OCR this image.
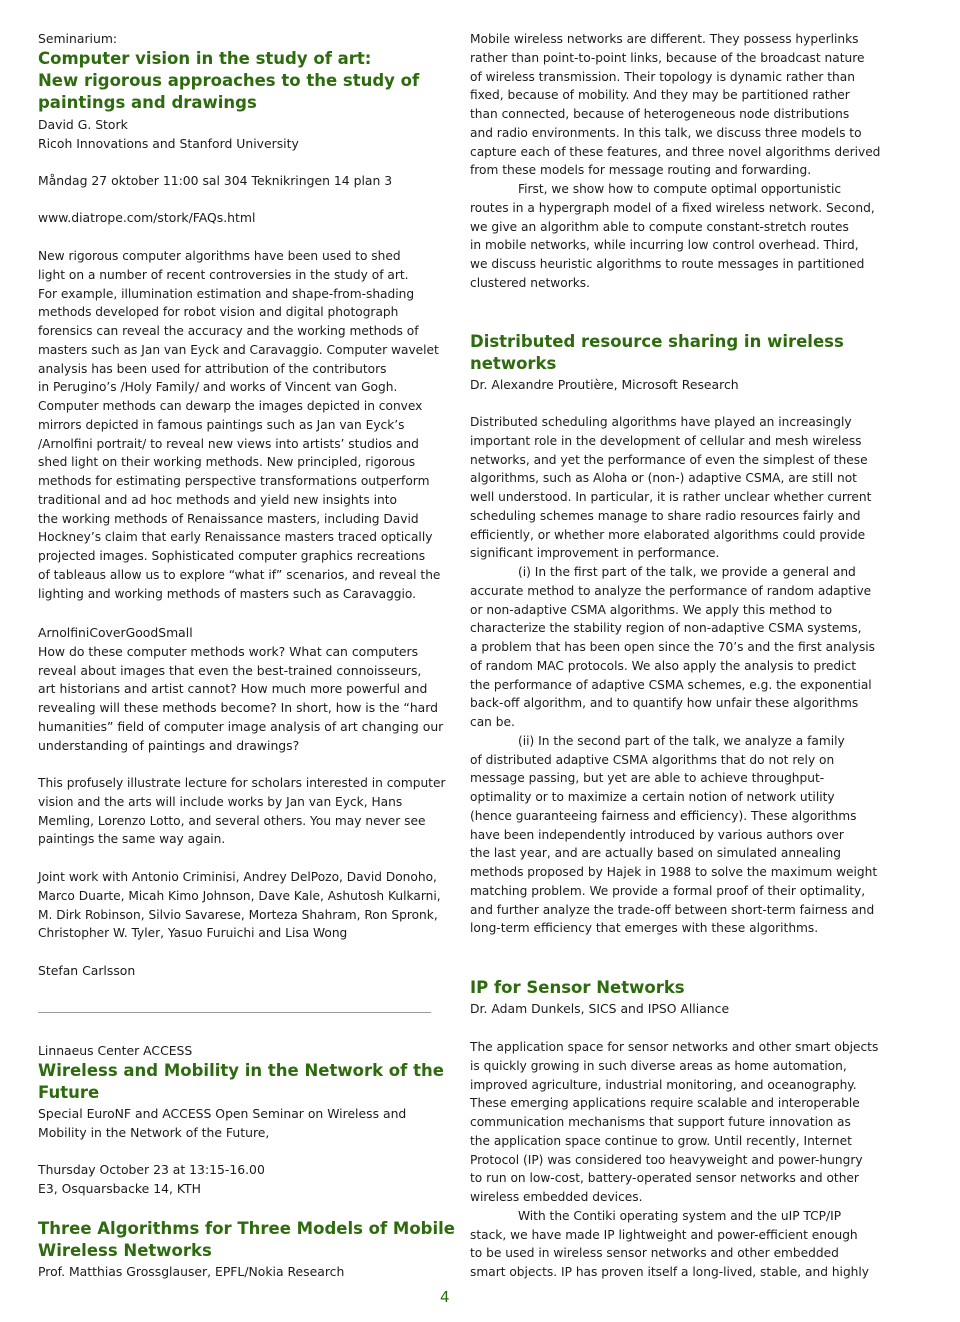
Seminarium:
Computer vision in the study of art:
New rigorous approaches to the study of
paintings and drawings
David G. Stork
Ricoh Innovations and Stanford University
Måndag 27 oktober 11:00 sal 304 Teknikringen 14 plan 3
www.diatrope.com/stork/FAQs.html
New rigorous computer algorithms have been used to shed
light on a number of recent controversies in the study of art.
For example, illumination estimation and shape-from-shading
methods developed for robot vision and digital photograph
forensics can reveal the accuracy and the working methods of
masters such as Jan van Eyck and Caravaggio. Computer wavelet
analysis has been used for attribution of the contributors
in Perugino’s /Holy Family/ and works of Vincent van Gogh.
Computer methods can dewarp the images depicted in convex
mirrors depicted in famous paintings such as Jan van Eyck’s
/Arnolfini portrait/ to reveal new views into artists’ studios and
shed light on their working methods. New principled, rigorous
methods for estimating perspective transformations outperform
traditional and ad hoc methods and yield new insights into
the working methods of Renaissance masters, including David
Hockney’s claim that early Renaissance masters traced optically
projected images. Sophisticated computer graphics recreations
of tableaus allow us to explore “what if” scenarios, and reveal the
lighting and working methods of masters such as Caravaggio.
ArnolfiniCoverGoodSmall
How do these computer methods work? What can computers
reveal about images that even the best-trained connoisseurs,
art historians and artist cannot? How much more powerful and
revealing will these methods become? In short, how is the “hard
humanities” field of computer image analysis of art changing our
understanding of paintings and drawings?
This profusely illustrate lecture for scholars interested in computer
vision and the arts will include works by Jan van Eyck, Hans
Memling, Lorenzo Lotto, and several others. You may never see
paintings the same way again.
Joint work with Antonio Criminisi, Andrey DelPozo, David Donoho,
Marco Duarte, Micah Kimo Johnson, Dave Kale, Ashutosh Kulkarni,
M. Dirk Robinson, Silvio Savarese, Morteza Shahram, Ron Spronk,
Christopher W. Tyler, Yasuo Furuichi and Lisa Wong
Stefan Carlsson
Linnaeus Center ACCESS
Wireless and Mobility in the Network of the
Future
Special EuroNF and ACCESS Open Seminar on Wireless and
Mobility in the Network of the Future,
Thursday October 23 at 13:15-16.00
E3, Osquarsbacke 14, KTH
Three Algorithms for Three Models of Mobile
Wireless Networks
Prof. Matthias Grossglauser, EPFL/Nokia Research
Mobile wireless networks are different. They possess hyperlinks
rather than point-to-point links, because of the broadcast nature
of wireless transmission. Their topology is dynamic rather than
fixed, because of mobility. And they may be partitioned rather
than connected, because of heterogeneous node distributions
and radio environments. In this talk, we discuss three models to
capture each of these features, and three novel algorithms derived
from these models for message routing and forwarding.
First, we show how to compute optimal opportunistic
routes in a hypergraph model of a fixed wireless network. Second,
we give an algorithm able to compute constant-stretch routes
in mobile networks, while incurring low control overhead. Third,
we discuss heuristic algorithms to route messages in partitioned
clustered networks.
Distributed resource sharing in wireless
networks
Dr. Alexandre Proutière, Microsoft Research
Distributed scheduling algorithms have played an increasingly
important role in the development of cellular and mesh wireless
networks, and yet the performance of even the simplest of these
algorithms, such as Aloha or (non-) adaptive CSMA, are still not
well understood. In particular, it is rather unclear whether current
scheduling schemes manage to share radio resources fairly and
efficiently, or whether more elaborated algorithms could provide
significant improvement in performance.
(i) In the first part of the talk, we provide a general and
accurate method to analyze the performance of random adaptive
or non-adaptive CSMA algorithms. We apply this method to
characterize the stability region of non-adaptive CSMA systems,
a problem that has been open since the 70’s and the first analysis
of random MAC protocols. We also apply the analysis to predict
the performance of adaptive CSMA schemes, e.g. the exponential
back-off algorithm, and to quantify how unfair these algorithms
can be.
(ii) In the second part of the talk, we analyze a family
of distributed adaptive CSMA algorithms that do not rely on
message passing, but yet are able to achieve throughput-
optimality or to maximize a certain notion of network utility
(hence guaranteeing fairness and efficiency). These algorithms
have been independently introduced by various authors over
the last year, and are actually based on simulated annealing
methods proposed by Hajek in 1988 to solve the maximum weight
matching problem. We provide a formal proof of their optimality,
and further analyze the trade-off between short-term fairness and
long-term efficiency that emerges with these algorithms.
IP for Sensor Networks
Dr. Adam Dunkels, SICS and IPSO Alliance
The application space for sensor networks and other smart objects
is quickly growing in such diverse areas as home automation,
improved agriculture, industrial monitoring, and oceanography.
These emerging applications require scalable and interoperable
communication mechanisms that support future innovation as
the application space continue to grow. Until recently, Internet
Protocol (IP) was considered too heavyweight and power-hungry
to run on low-cost, battery-operated sensor networks and other
wireless embedded devices.
With the Contiki operating system and the uIP TCP/IP
stack, we have made IP lightweight and power-efficient enough
to be used in wireless sensor networks and other embedded
smart objects. IP has proven itself a long-lived, stable, and highly
4
